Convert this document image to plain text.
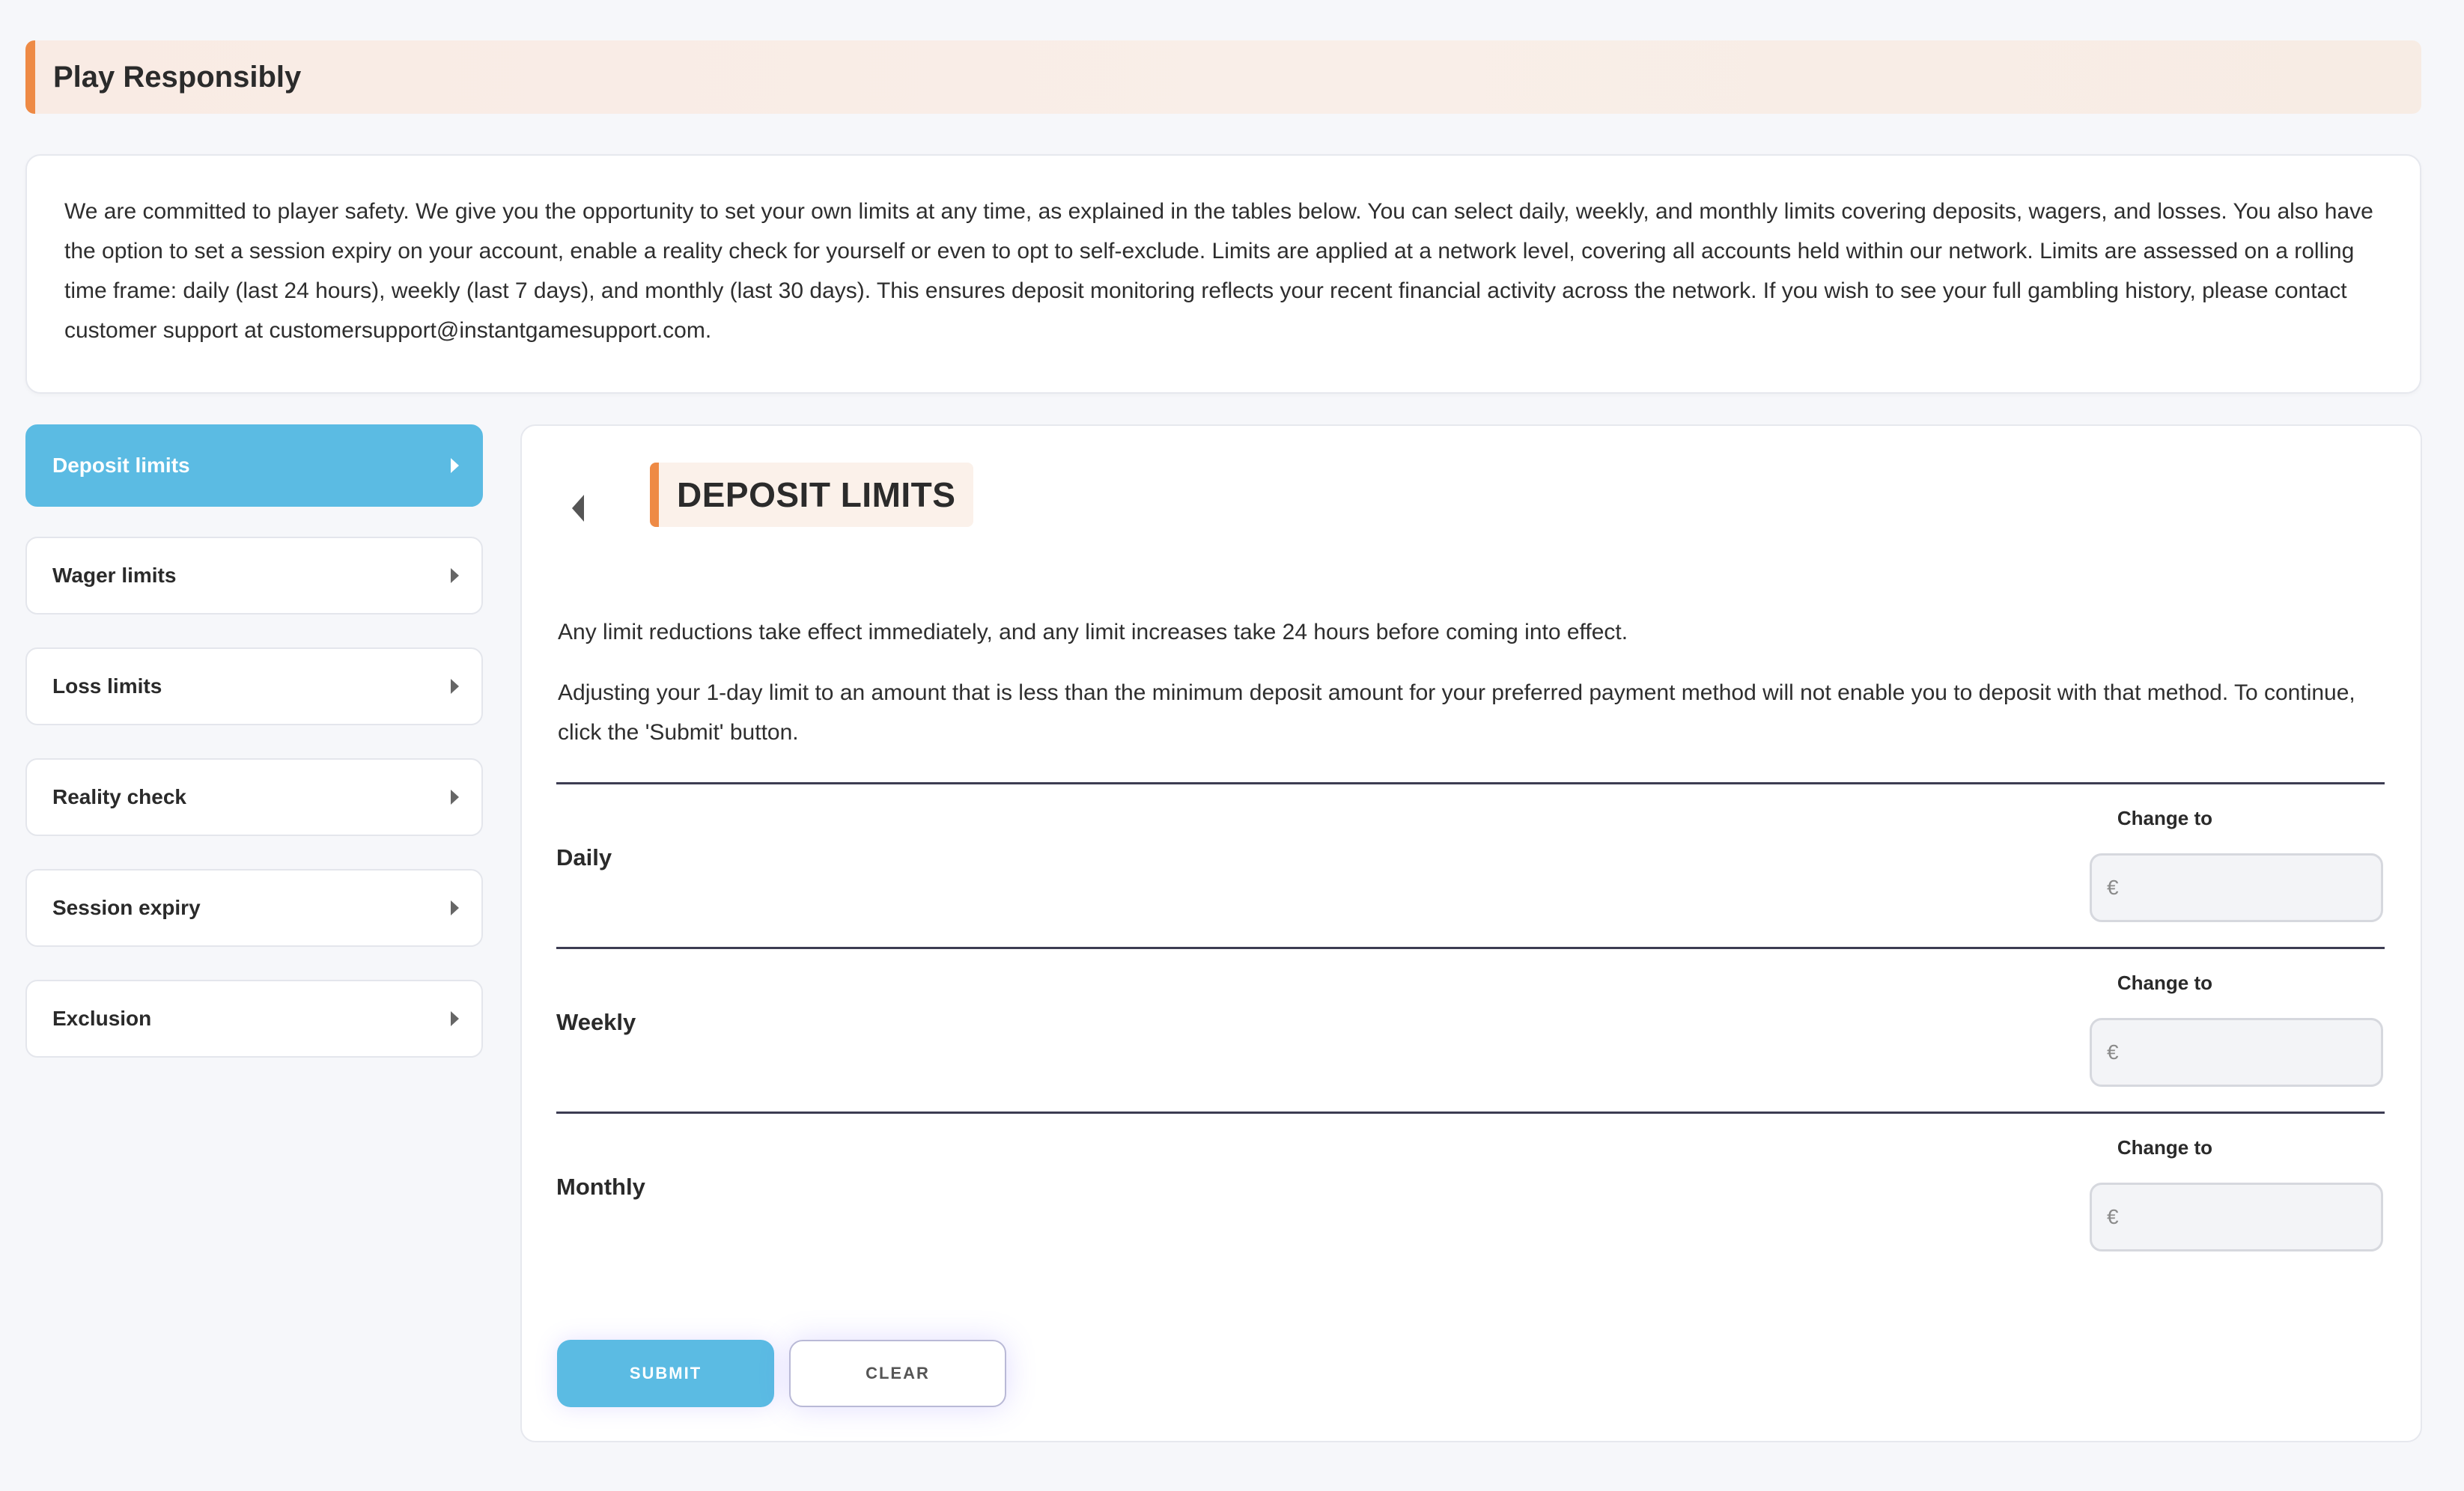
Play Responsibly

We are committed to player safety. We give you the opportunity to set your own limits at any time, as explained in the tables below. You can select daily, weekly, and monthly limits covering deposits, wagers, and losses. You also have the option to set a session expiry on your account, enable a reality check for yourself or even to opt to self-exclude. Limits are applied at a network level, covering all accounts held within our network. Limits are assessed on a rolling time frame: daily (last 24 hours), weekly (last 7 days), and monthly (last 30 days). This ensures deposit monitoring reflects your recent financial activity across the network. If you wish to see your full gambling history, please contact customer support at customersupport@instantgamesupport.com.

Deposit limits
Wager limits
Loss limits
Reality check
Session expiry
Exclusion
DEPOSIT LIMITS

Any limit reductions take effect immediately, and any limit increases take 24 hours before coming into effect.

Adjusting your 1-day limit to an amount that is less than the minimum deposit amount for your preferred payment method will not enable you to deposit with that method. To continue, click the 'Submit' button.

Daily
Change to
€
Weekly
Change to
€
Monthly
Change to
€
SUBMIT	CLEAR
